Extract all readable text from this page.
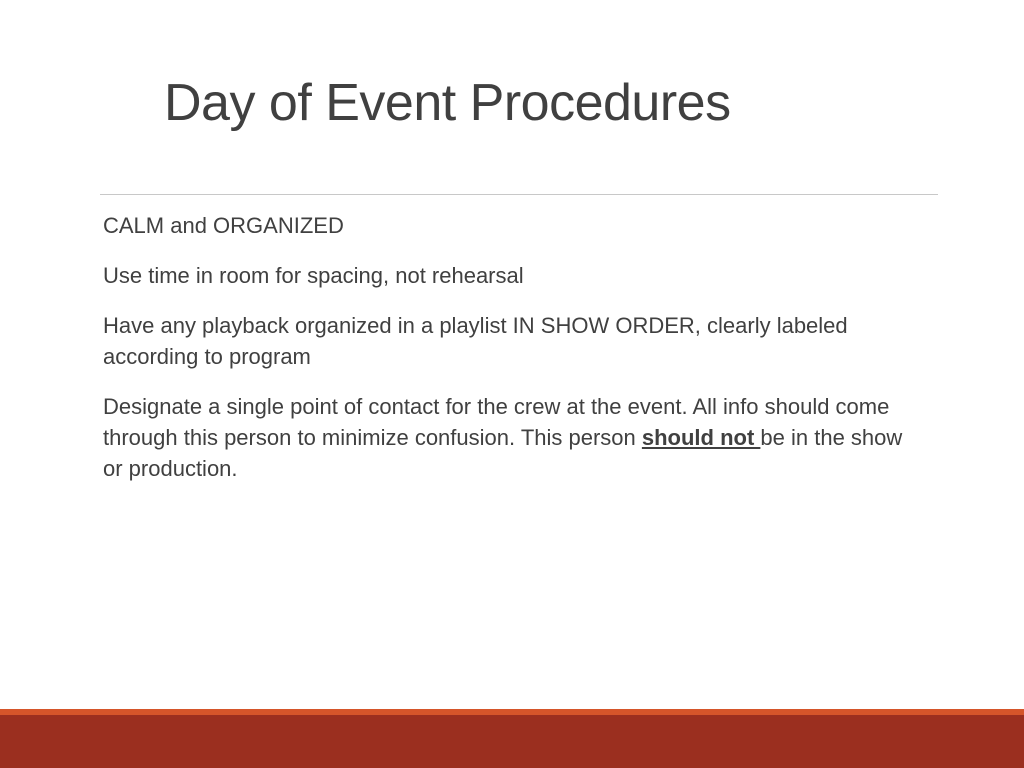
Day of Event Procedures
CALM and ORGANIZED
Use time in room for spacing, not rehearsal
Have any playback organized in a playlist IN SHOW ORDER, clearly labeled according to program
Designate a single point of contact for the crew at the event. All info should come through this person to minimize confusion. This person should not be in the show or production.
